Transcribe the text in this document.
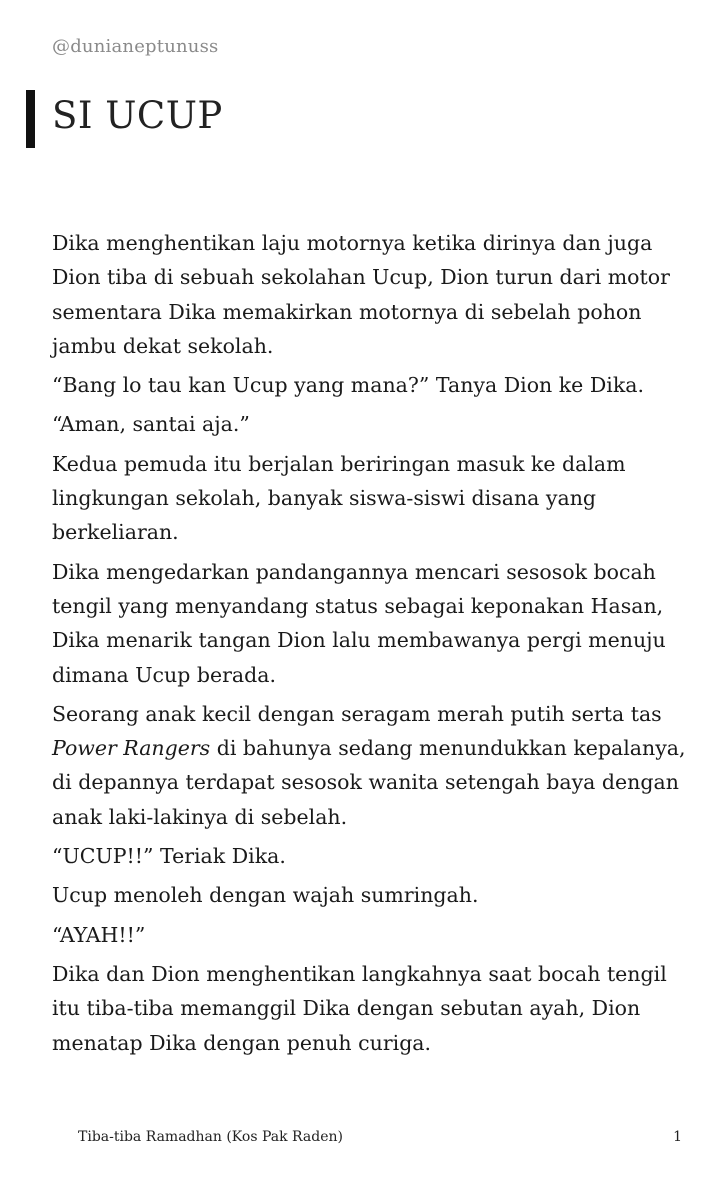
@dunianeptunuss
SI UCUP

Dika menghentikan laju motornya ketika dirinya dan juga Dion tiba di sebuah sekolahan Ucup, Dion turun dari motor sementara Dika memakirkan motornya di sebelah pohon jambu dekat sekolah.

“Bang lo tau kan Ucup yang mana?” Tanya Dion ke Dika.

“Aman, santai aja.”

Kedua pemuda itu berjalan beriringan masuk ke dalam lingkungan sekolah, banyak siswa-siswi disana yang berkeliaran.

Dika mengedarkan pandangannya mencari sesosok bocah tengil yang menyandang status sebagai keponakan Hasan, Dika menarik tangan Dion lalu membawanya pergi menuju dimana Ucup berada.

Seorang anak kecil dengan seragam merah putih serta tas Power Rangers di bahunya sedang menundukkan kepalanya, di depannya terdapat sesosok wanita setengah baya dengan anak laki-lakinya di sebelah.

“UCUP!!” Teriak Dika.

Ucup menoleh dengan wajah sumringah.

“AYAH!!”

Dika dan Dion menghentikan langkahnya saat bocah tengil itu tiba-tiba memanggil Dika dengan sebutan ayah, Dion menatap Dika dengan penuh curiga.

Tiba-tiba Ramadhan (Kos Pak Raden)	1
